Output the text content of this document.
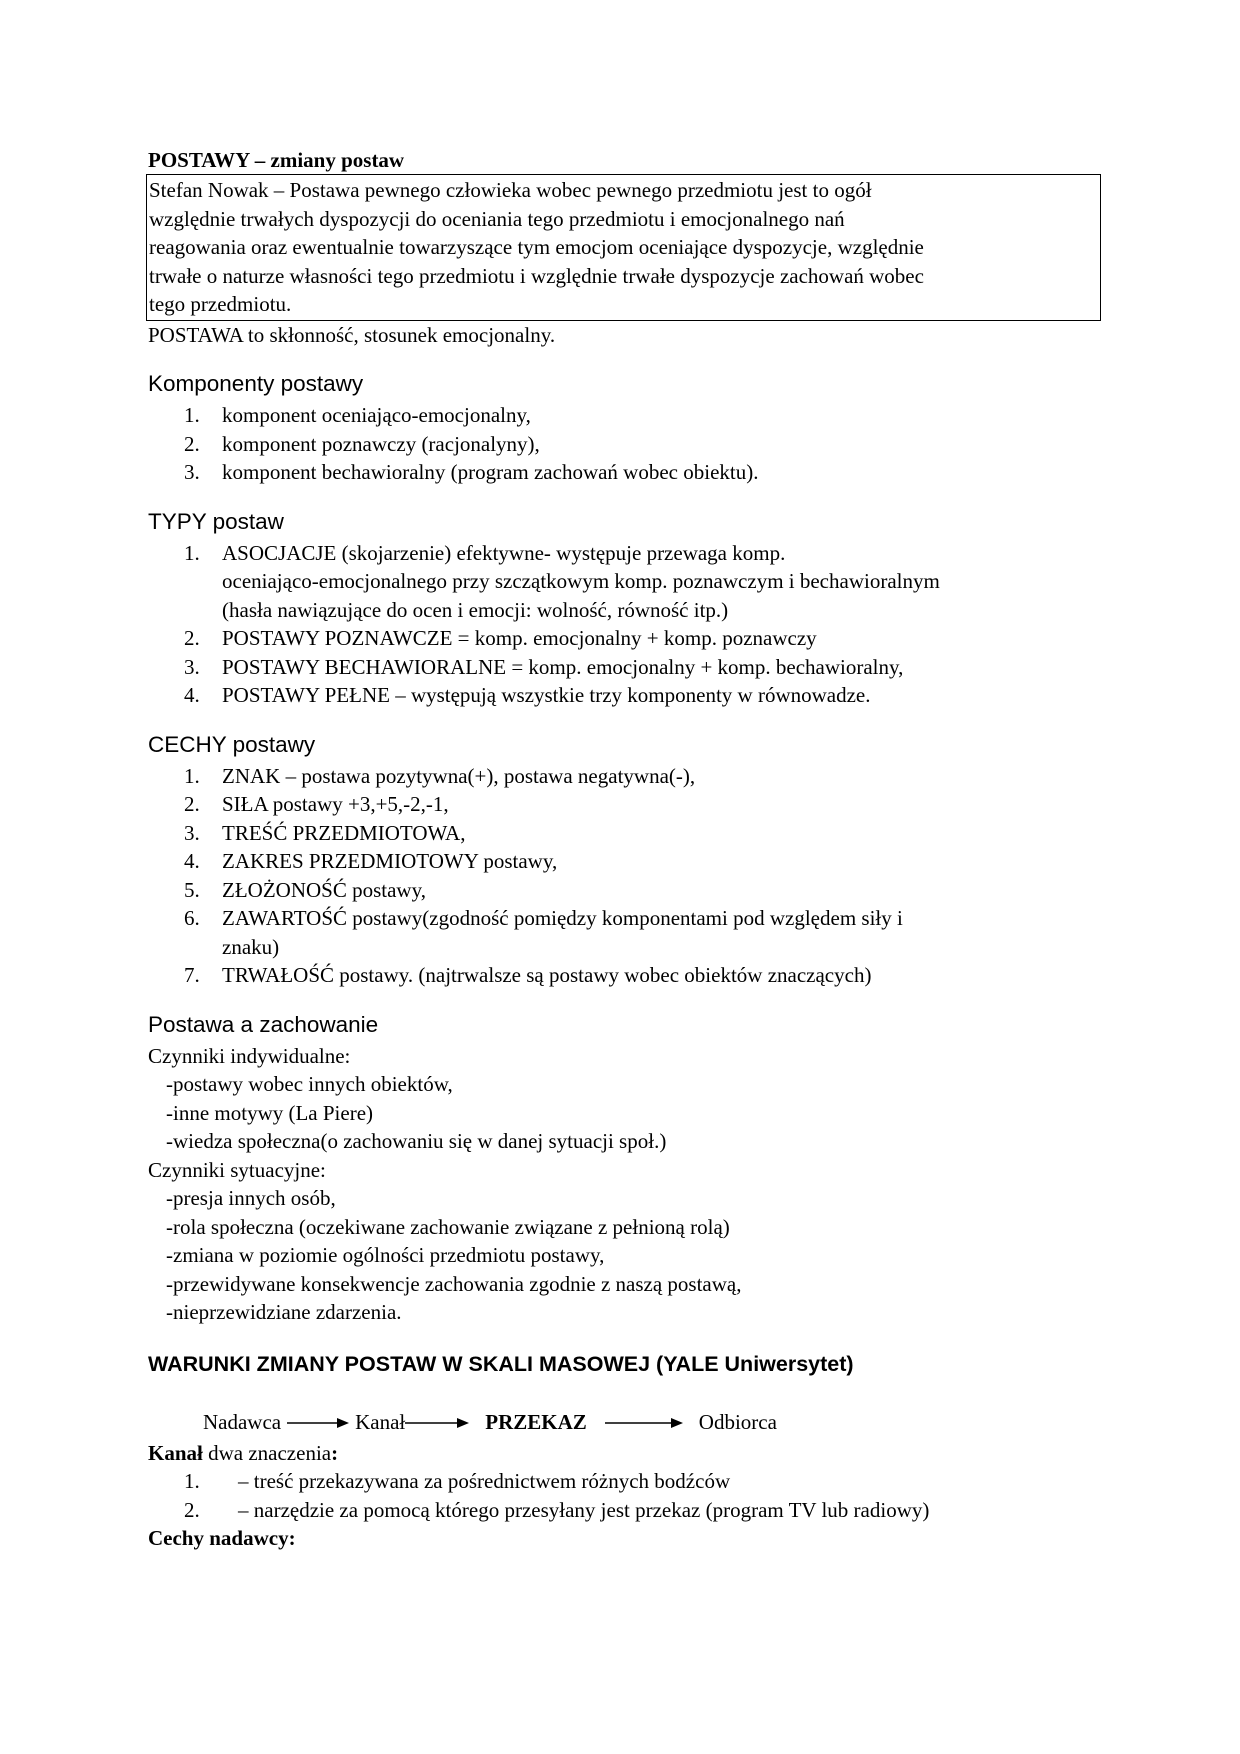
POSTAWY – zmiany postaw
Stefan Nowak – Postawa pewnego człowieka wobec pewnego przedmiotu jest to ogół
względnie trwałych dyspozycji do oceniania tego przedmiotu i emocjonalnego nań
reagowania oraz ewentualnie towarzyszące tym emocjom oceniające dyspozycje, względnie
trwałe o naturze własności tego przedmiotu i względnie trwałe dyspozycje zachowań wobec
tego przedmiotu.
POSTAWA to skłonność, stosunek emocjonalny.
Komponenty postawy
1.	komponent oceniająco-emocjonalny,
2.	komponent poznawczy (racjonalyny),
3.	komponent bechawioralny (program zachowań wobec obiektu).
TYPY postaw
1.	ASOCJACJE (skojarzenie) efektywne- występuje przewaga komp.
oceniająco-emocjonalnego przy szczątkowym komp. poznawczym i bechawioralnym
(hasła nawiązujące do ocen i emocji: wolność, równość itp.)
2.	POSTAWY POZNAWCZE = komp. emocjonalny + komp. poznawczy
3.	POSTAWY BECHAWIORALNE = komp. emocjonalny + komp. bechawioralny,
4.	POSTAWY PEŁNE – występują wszystkie trzy komponenty w równowadze.
CECHY postawy
1.	ZNAK – postawa pozytywna(+), postawa negatywna(-),
2.	SIŁA postawy +3,+5,-2,-1,
3.	TREŚĆ PRZEDMIOTOWA,
4.	ZAKRES PRZEDMIOTOWY postawy,
5.	ZŁOŻONOŚĆ postawy,
6.	ZAWARTOŚĆ postawy(zgodność pomiędzy komponentami pod względem siły i
znaku)
7.	TRWAŁOŚĆ postawy. (najtrwalsze są postawy wobec obiektów znaczących)
Postawa a zachowanie
Czynniki indywidualne:
-postawy wobec innych obiektów,
-inne motywy (La Piere)
-wiedza społeczna(o zachowaniu się w danej sytuacji społ.)
Czynniki sytuacyjne:
-presja innych osób,
-rola społeczna (oczekiwane zachowanie związane z pełnioną rolą)
-zmiana w poziomie ogólności przedmiotu postawy,
-przewidywane konsekwencje zachowania zgodnie z naszą postawą,
-nieprzewidziane zdarzenia.
WARUNKI ZMIANY POSTAW W SKALI MASOWEJ (YALE Uniwersytet)
Nadawca	Kanał	PRZEKAZ	Odbiorca
Kanał dwa znaczenia:
1.	– treść przekazywana za pośrednictwem różnych bodźców
2.	– narzędzie za pomocą którego przesyłany jest przekaz (program TV lub radiowy)
Cechy nadawcy:
